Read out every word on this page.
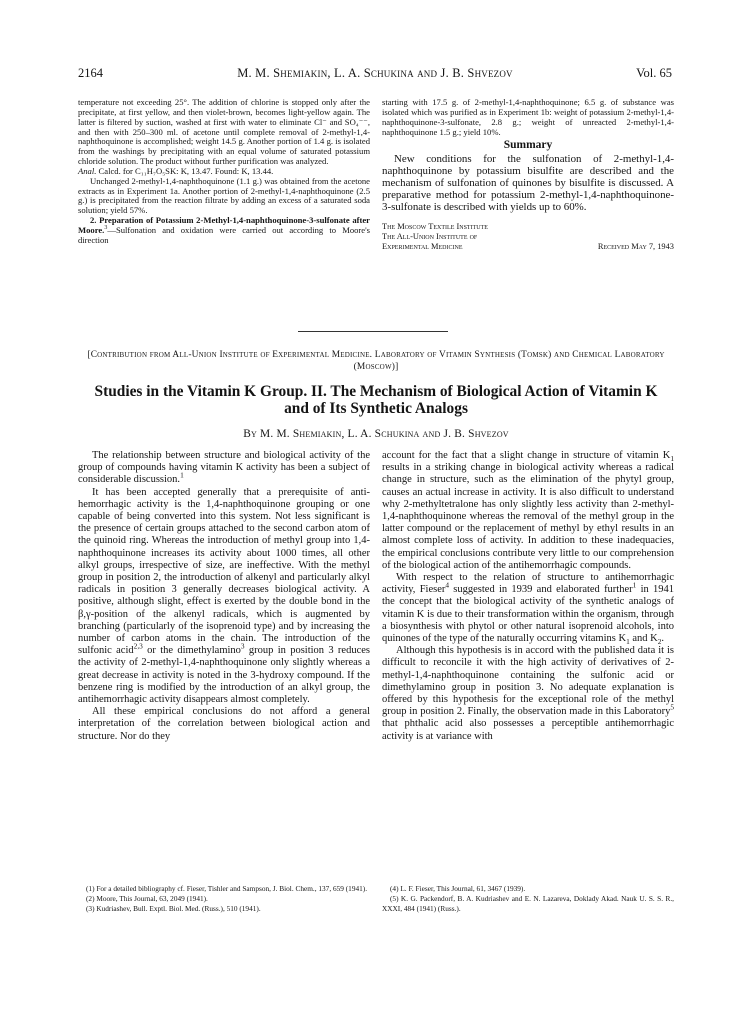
2164	M. M. Shemiakin, L. A. Schukina and J. B. Shvezov	Vol. 65

temperature not exceeding 25°. The addition of chlorine is stopped only after the precipitate, at first yellow, and then violet-brown, becomes light-yellow again. The latter is filtered by suction, washed at first with water to eliminate Cl⁻ and SO₄⁻⁻, and then with 250–300 ml. of acetone until complete removal of 2-methyl-1,4-naphthoquinone is accomplished; weight 14.5 g. Another portion of 1.4 g. is isolated from the washings by precipitating with an equal volume of saturated potassium chloride solution. The product without further purification was analyzed.

Anal. Calcd. for C₁₁H₇O₅SK: K, 13.47. Found: K, 13.44.

Unchanged 2-methyl-1,4-naphthoquinone (1.1 g.) was obtained from the acetone extracts as in Experiment 1a. Another portion of 2-methyl-1,4-naphthoquinone (2.5 g.) is precipitated from the reaction filtrate by adding an excess of a saturated soda solution; yield 57%.

2. Preparation of Potassium 2-Methyl-1,4-naphthoquinone-3-sulfonate after Moore.$^3$—Sulfonation and oxidation were carried out according to Moore's direction

starting with 17.5 g. of 2-methyl-1,4-naphthoquinone; 6.5 g. of substance was isolated which was purified as in Experiment 1b: weight of potassium 2-methyl-1,4-naphthoquinone-3-sulfonate, 2.8 g.; weight of unreacted 2-methyl-1,4-naphthoquinone 1.5 g.; yield 10%.

Summary

New conditions for the sulfonation of 2-methyl-1,4-naphthoquinone by potassium bisulfite are described and the mechanism of sulfonation of quinones by bisulfite is discussed. A preparative method for potassium 2-methyl-1,4-naphthoquinone-3-sulfonate is described with yields up to 60%.

The Moscow Textile Institute
The All-Union Institute of
Experimental Medicine	Received May 7, 1943
[Contribution from All-Union Institute of Experimental Medicine. Laboratory of Vitamin Synthesis (Tomsk) and Chemical Laboratory (Moscow)]
Studies in the Vitamin K Group. II. The Mechanism of Biological Action of Vitamin K and of Its Synthetic Analogs
By M. M. Shemiakin, L. A. Schukina and J. B. Shvezov

The relationship between structure and biological activity of the group of compounds having vitamin K activity has been a subject of considerable discussion.$^1$

It has been accepted generally that a prerequisite of anti-hemorrhagic activity is the 1,4-naphthoquinone grouping or one capable of being converted into this system. Not less significant is the presence of certain groups attached to the second carbon atom of the quinoid ring. Whereas the introduction of methyl group into 1,4-naphthoquinone increases its activity about 1000 times, all other alkyl groups, irrespective of size, are ineffective. With the methyl group in position 2, the introduction of alkenyl and particularly alkyl radicals in position 3 generally decreases biological activity. A positive, although slight, effect is exerted by the double bond in the β,γ-position of the alkenyl radicals, which is augmented by branching (particularly of the isoprenoid type) and by increasing the number of carbon atoms in the chain. The introduction of the sulfonic acid$^{2,3}$ or the dimethylamino$^3$ group in position 3 reduces the activity of 2-methyl-1,4-naphthoquinone only slightly whereas a great decrease in activity is noted in the 3-hydroxy compound. If the benzene ring is modified by the introduction of an alkyl group, the antihemorrhagic activity disappears almost completely.

All these empirical conclusions do not afford a general interpretation of the correlation between biological action and structure. Nor do they

account for the fact that a slight change in structure of vitamin $K_1$ results in a striking change in biological activity whereas a radical change in structure, such as the elimination of the phytyl group, causes an actual increase in activity. It is also difficult to understand why 2-methyltetralone has only slightly less activity than 2-methyl-1,4-naphthoquinone whereas the removal of the methyl group in the latter compound or the replacement of methyl by ethyl results in an almost complete loss of activity. In addition to these inadequacies, the empirical conclusions contribute very little to our comprehension of the biological action of the antihemorrhagic compounds.

With respect to the relation of structure to antihemorrhagic activity, Fieser$^4$ suggested in 1939 and elaborated further$^1$ in 1941 the concept that the biological activity of the synthetic analogs of vitamin K is due to their transformation within the organism, through a biosynthesis with phytol or other natural isoprenoid alcohols, into quinones of the type of the naturally occurring vitamins $K_1$ and $K_2$.

Although this hypothesis is in accord with the published data it is difficult to reconcile it with the high activity of derivatives of 2-methyl-1,4-naphthoquinone containing the sulfonic acid or dimethylamino group in position 3. No adequate explanation is offered by this hypothesis for the exceptional role of the methyl group in position 2. Finally, the observation made in this Laboratory$^5$ that phthalic acid also possesses a perceptible antihemorrhagic activity is at variance with

(1) For a detailed bibliography cf. Fieser, Tishler and Sampson, J. Biol. Chem., 137, 659 (1941).
(2) Moore, This Journal, 63, 2049 (1941).
(3) Kudriashev, Bull. Exptl. Biol. Med. (Russ.), 510 (1941).
(4) L. F. Fieser, This Journal, 61, 3467 (1939).
(5) K. G. Packendorf, B. A. Kudriashev and E. N. Lazareva, Doklady Akad. Nauk U. S. S. R., XXXI, 484 (1941) (Russ.).
